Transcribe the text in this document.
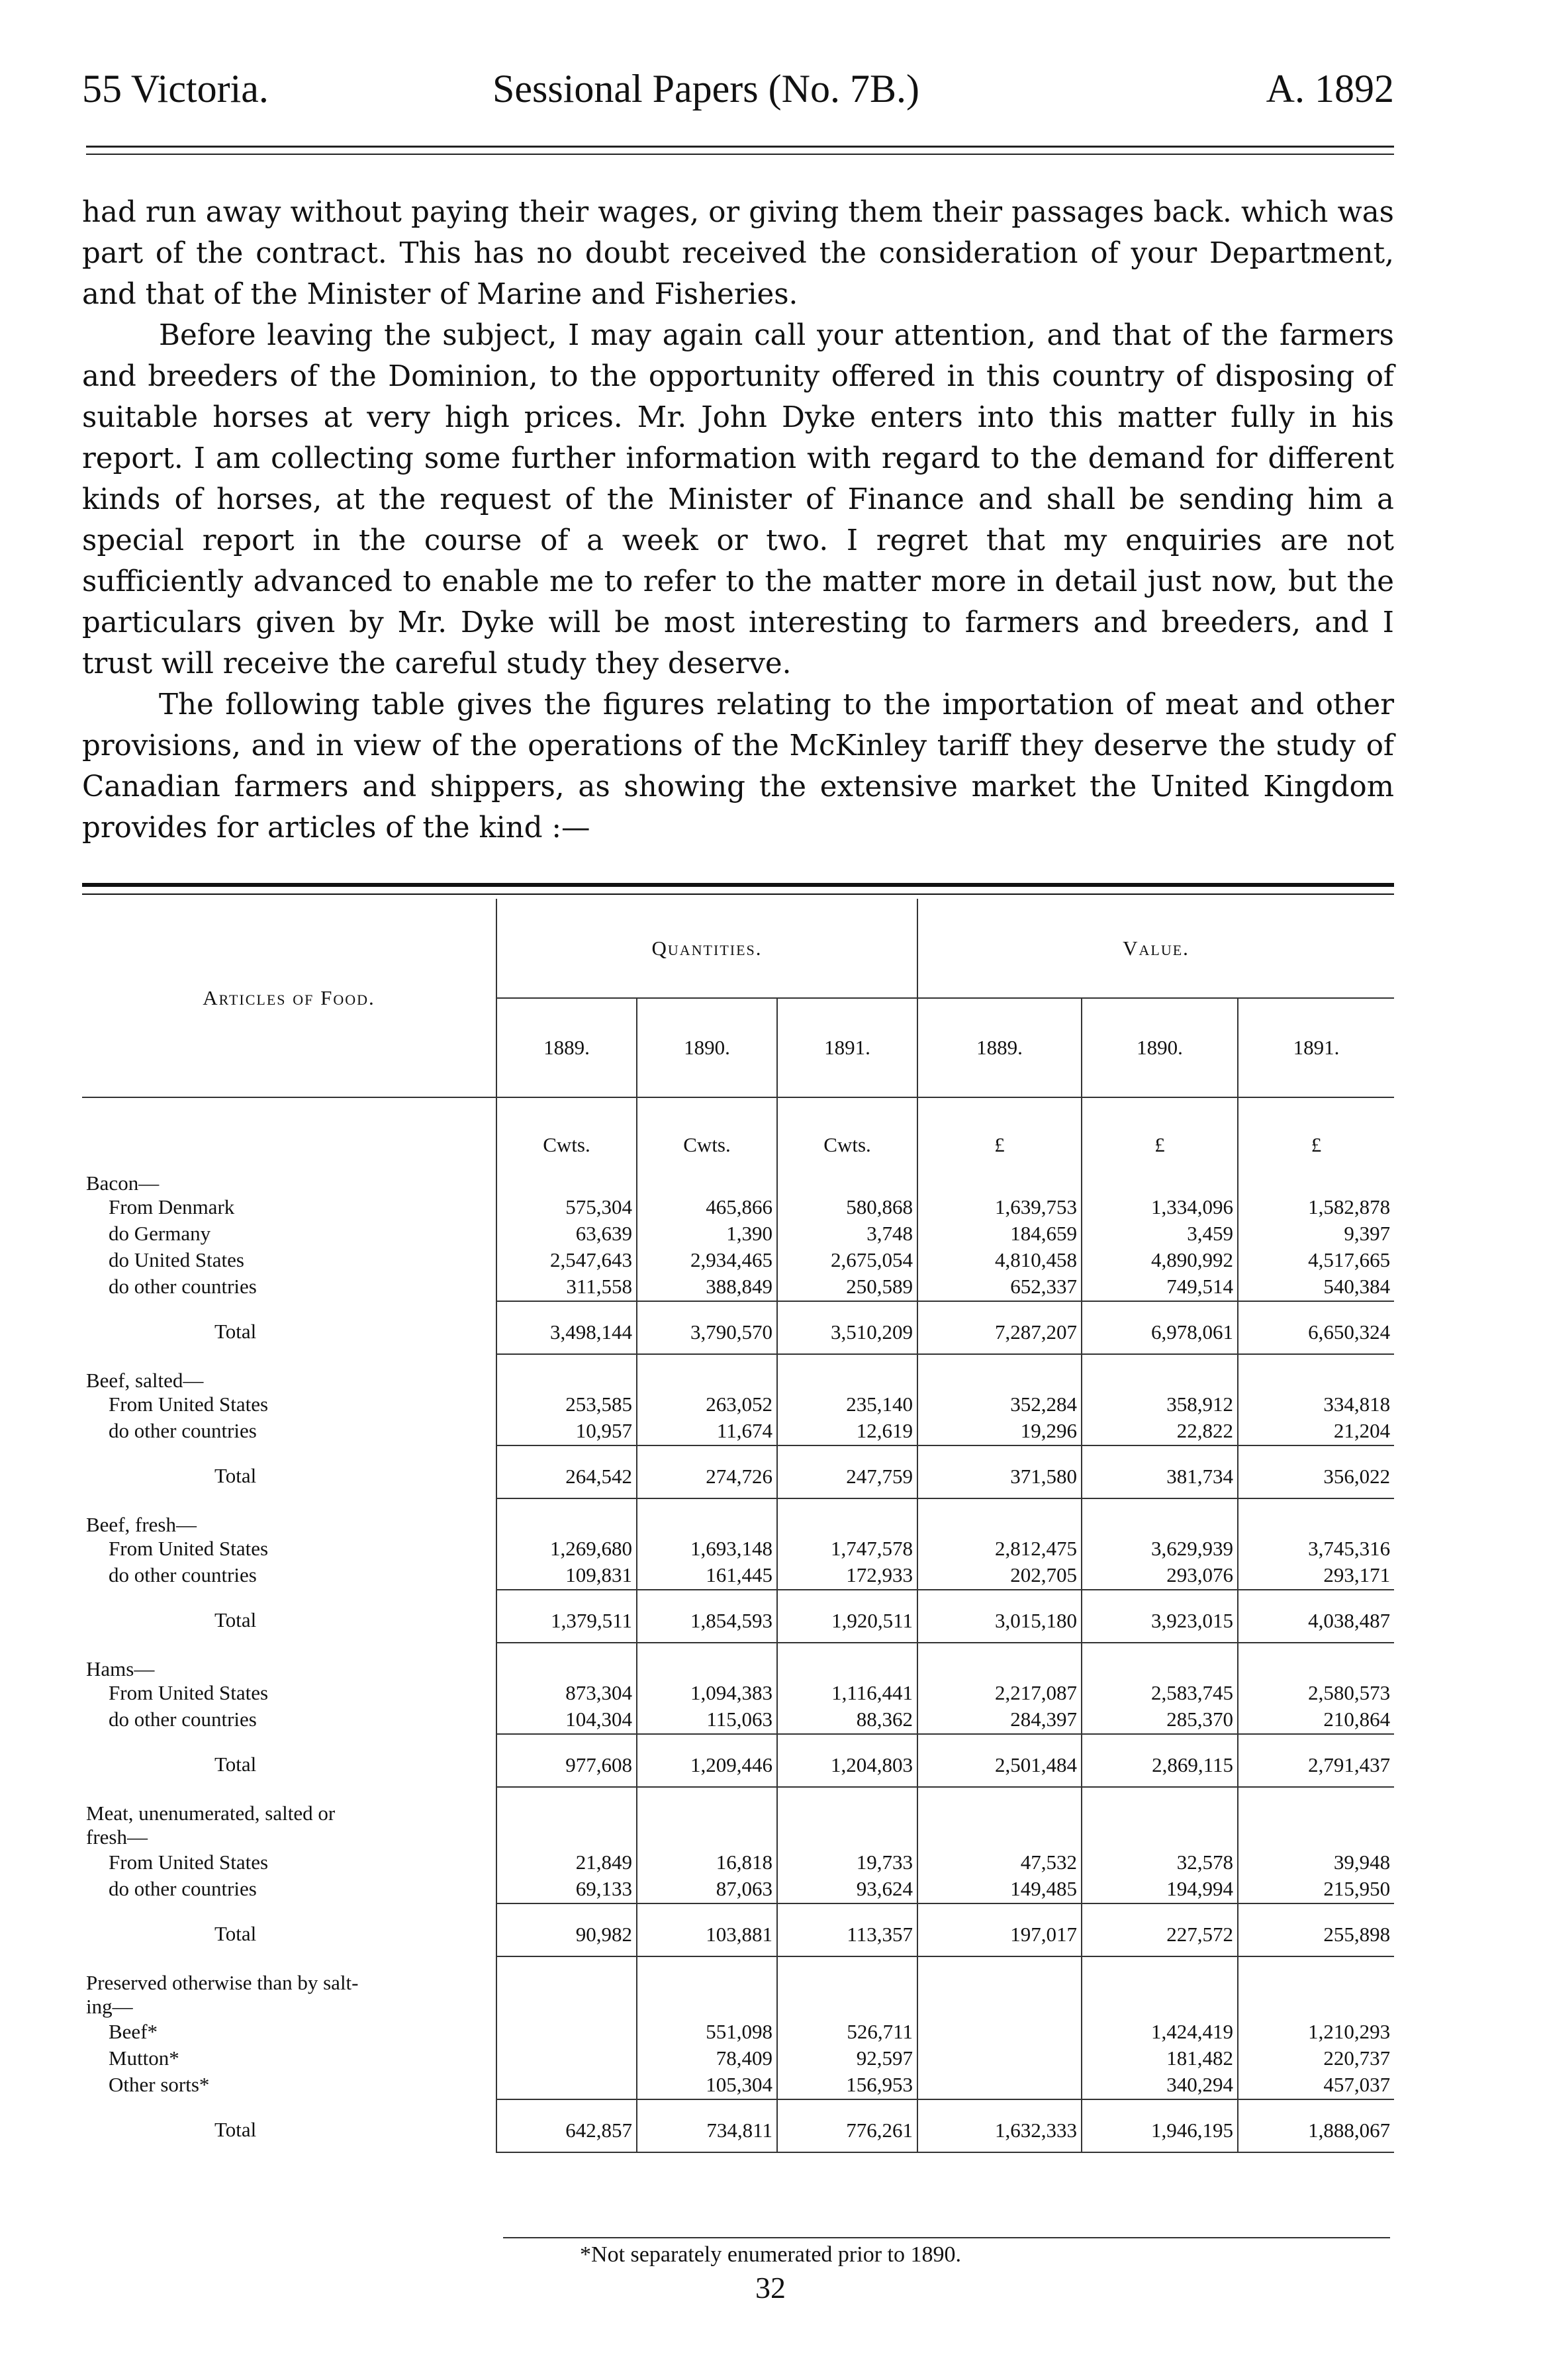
55 Victoria.	Sessional Papers (No. 7B.)	A. 1892

had run away without paying their wages, or giving them their passages back. which was part of the contract. This has no doubt received the consideration of your Department, and that of the Minister of Marine and Fisheries.

Before leaving the subject, I may again call your attention, and that of the farmers and breeders of the Dominion, to the opportunity offered in this country of disposing of suitable horses at very high prices. Mr. John Dyke enters into this matter fully in his report. I am collecting some further information with regard to the demand for different kinds of horses, at the request of the Minister of Finance and shall be sending him a special report in the course of a week or two. I regret that my enquiries are not sufficiently advanced to enable me to refer to the matter more in detail just now, but the particulars given by Mr. Dyke will be most interesting to farmers and breeders, and I trust will receive the careful study they deserve.

The following table gives the figures relating to the importation of meat and other provisions, and in view of the operations of the McKinley tariff they deserve the study of Canadian farmers and shippers, as showing the extensive market the United Kingdom provides for articles of the kind :—

Articles of Food.	Quantities.			Value.		
	1889.	1890.	1891.	1889.	1890.	1891.
	Cwts.	Cwts.	Cwts.	£	£	£
Bacon—						
From Denmark	575,304	465,866	580,868	1,639,753	1,334,096	1,582,878
do Germany	63,639	1,390	3,748	184,659	3,459	9,397
do United States	2,547,643	2,934,465	2,675,054	4,810,458	4,890,992	4,517,665
do other countries	311,558	388,849	250,589	652,337	749,514	540,384
Total	3,498,144	3,790,570	3,510,209	7,287,207	6,978,061	6,650,324
Beef, salted—						
From United States	253,585	263,052	235,140	352,284	358,912	334,818
do other countries	10,957	11,674	12,619	19,296	22,822	21,204
Total	264,542	274,726	247,759	371,580	381,734	356,022
Beef, fresh—						
From United States	1,269,680	1,693,148	1,747,578	2,812,475	3,629,939	3,745,316
do other countries	109,831	161,445	172,933	202,705	293,076	293,171
Total	1,379,511	1,854,593	1,920,511	3,015,180	3,923,015	4,038,487
Hams—						
From United States	873,304	1,094,383	1,116,441	2,217,087	2,583,745	2,580,573
do other countries	104,304	115,063	88,362	284,397	285,370	210,864
Total	977,608	1,209,446	1,204,803	2,501,484	2,869,115	2,791,437
Meat, unenumerated, salted or						
fresh—						
From United States	21,849	16,818	19,733	47,532	32,578	39,948
do other countries	69,133	87,063	93,624	149,485	194,994	215,950
Total	90,982	103,881	113,357	197,017	227,572	255,898
Preserved otherwise than by salt-						
ing—						
Beef*		551,098	526,711		1,424,419	1,210,293
Mutton*		78,409	92,597		181,482	220,737
Other sorts*		105,304	156,953		340,294	457,037
Total	642,857	734,811	776,261	1,632,333	1,946,195	1,888,067
*Not separately enumerated prior to 1890.
32
